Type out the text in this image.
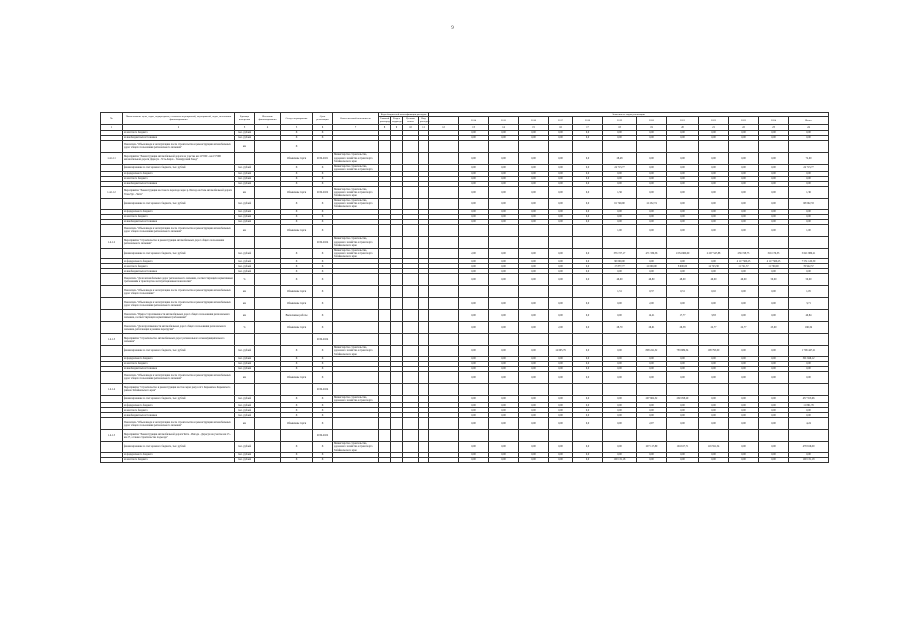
9
№	Наименование цели, задач, подпрограмм, основных мероприятий, мероприятий, задач, источников финансирования	Единица измерения	Источник финансирования	Статус мероприятия	Срок реализации	Ответственный исполнитель	Коды бюджетной классификации расходов				Значения по годам реализации												
							Главный распоряд.	Раздел подраздел	Целевая статья	Вид расходов		2014	2015	2016	2017	2018	2019	2020	2021	2022	2023	2024	Итого
1	2	3	4	5	6	7	8	9	10	11	12	13	14	15	16	17	18	19	20	21	22	23	24
	из местного бюджета	тыс. рублей		Х	Х							0,00	0,00	0,00	0,00	0,0	0,00	0,00	0,00	0,00	0,00	0,00	0,00
	из внебюджетных источников	тыс. рублей		Х	Х							0,00	0,00	0,00	0,00	0,0	0,00	0,00	0,00	0,00	0,00	0,00	0,00
	Показатель "Объем ввода в эксплуатацию после строительства и реконструкции автомобильных дорог общего пользования регионального значения"	км		Х																			
1.4.1.11	Мероприятие "Реконструкция автомобильной дороги на участке км 12+000 - км 15+000 автомобильной дороги Дарасун - Усть-Карск - Газимурский Завод"			Объявлены торги	2019-2021	Министерство строительства, дорожного хозяйства и транспорта Забайкальского края						0,00	0,00	0,00	0,00	0,0	28,48	0,00	0,00	0,00	0,00	0,00	72,00
	финансирование за счет краевого бюджета, тыс. рублей	тыс. рублей		Х	Х	Министерство строительства, дорожного хозяйства и транспорта						0,00	0,00	0,00	0,00	0,0	24 713,77	0,00	0,00	0,00	0,00	0,00	24 713,77
	из федерального бюджета	тыс. рублей		Х	Х							0,00	0,00	0,00	0,00	0,0	0,00	0,00	0,00	0,00	0,00	0,00	0,00
	из местного бюджета	тыс. рублей		Х	Х							0,00	0,00	0,00	0,00	0,0	0,00	0,00	0,00	0,00	0,00	0,00	0,00
	из внебюджетных источников	тыс. рублей		Х	Х							0,00	0,00	0,00	0,00	0,0	0,00	0,00	0,00	0,00	0,00	0,00	0,00
1.4.1.12	Мероприятие "Реконструкция мостового перехода через р. Ингода на 8 км автомобильной дороги Улан-Удэ - Чита"	км		Объявлены торги	2019-2022	Министерство строительства, дорожного хозяйства и транспорта Забайкальского края						0,00	0,00	0,00	0,00	0,0	1,36	0,00	0,00	0,00	0,00	0,00	1,36
	финансирование за счет краевого бюджета, тыс. рублей	тыс. рублей		Х	Х	Министерство строительства, дорожного хозяйства и транспорта Забайкальского края						0,00	0,00	0,00	0,00	0,0	61 749,90	12 252,74	0,00	0,00	0,00	0,00	68 002,33
	из федерального бюджета	тыс. рублей		Х	Х							0,00	0,00	0,00	0,00	0,0	0,00	0,00	0,00	0,00	0,00	0,00	0,00
	из местного бюджета	тыс. рублей		Х	Х							0,00	0,00	0,00	0,00	0,0	0,00	0,00	0,00	0,00	0,00	0,00	0,00
	из внебюджетных источников	тыс. рублей		Х	Х							0,00	0,00	0,00	0,00	0,0	0,00	0,00	0,00	0,00	0,00	0,00	0,00
	Показатель "Объем ввода в эксплуатацию после строительства и реконструкции автомобильных дорог общего пользования регионального значения"	км		Объявлены торги	Х												1,00	0,00	0,00	0,00	0,00	0,00	1,00
1.4.1.2	Мероприятие "Строительство и реконструкция автомобильных дорог общего пользования регионального значения"				2019-2024	Министерство строительства, дорожного хозяйства и транспорта Забайкальского края																	
	финансирование за счет краевого бюджета, тыс. рублей	тыс. рублей		Х	Х	Министерство строительства, дорожного хозяйства и транспорта Забайкальского края						2,00	0,00	0,00	0,00	0,0	335 727,17	471 336,56	1 034 960,00	2 207 547,88	256 728,75	316 176,33	5 621 886,21
	из федерального бюджета	тыс. рублей		Х	Х							0,00	0,00	0,00	0,00	0,0	90 000,00	0,00	0,00	0,00	4 117 560,25	4 117 560,25	7 551 120,50
	из местного бюджета	тыс. рублей		Х	Х							0,00	0,00	0,00	0,00	0,0	17 877,77	12 000,00	8 900,00	14 723,38	11 721,37	11 700,00	76 922,57
	из внебюджетных источников	тыс. рублей		Х	Х							0,00	0,00	0,00	0,00	0,0	0,00	0,00	0,00	0,00	0,00	0,00	0,00
	Показатель "Доля автомобильных дорог регионального значения, соответствующих нормативным требованиям к транспортно-эксплуатационным показателям"	%		Х	Х							0,00	0,00	0,00	0,00	0,0	46,00	46,80	48,00	49,00	49,00	50,00	50,00
	Показатель "Объем ввода в эксплуатацию после строительства и реконструкции автомобильных дорог общего пользования"	км		Объявлены торги	Х												1,31	0,37	0,31	0,02	0,00	0,00	1,05
	Показатель "Объем ввода в эксплуатацию после строительства и реконструкции автомобильных дорог общего пользования регионального значения"	км		Объявлены торги	Х							0,00	0,00	0,00	0,00	0,0	0,00	2,00	0,00	0,00	0,00	0,00	3,71
	Показатель "Прирост протяженности автомобильных дорог общего пользования регионального значения, соответствующих нормативным требованиям"	км		Выполнены работы	Х							0,00	0,00	0,00	0,00	0,0	0,00	14,21	17,77	3,83	0,00	0,00	40,84
	Показатель "Доля протяженности автомобильных дорог общего пользования регионального значения, работающих в режиме перегрузки"	%		Объявлены торги	Х							0,00	0,00	0,00	2,00	0,0	28,70	26,91	26,58	22,77	22,77	25,00	196,34
1.4.1.3	Мероприятие "Строительство автомобильных дорог регионального и межмуниципального значения"				2019-2024																		
	финансирование за счет краевого бюджета, тыс. рублей	тыс. рублей		Х	Х	Министерство строительства, дорожного хозяйства и транспорта Забайкальского края						0,00	0,00	0,00	14 605,79	0,0	0,00	898 241,32	783 689,54	108 795,00	0,00	0,00	1 706 447,21
	из федерального бюджета	тыс. рублей		Х	Х							0,00	0,00	0,00	0,00	0,0	0,00	0,00	0,00	0,00	0,00	0,00	301 946,12
	из местного бюджета	тыс. рублей		Х	Х							0,00	0,00	0,00	0,00	0,0	0,00	0,00	0,00	0,00	0,00	0,00	0,00
	из внебюджетных источников	тыс. рублей		Х	Х							0,00	0,00	0,00	0,00	0,0	0,00	0,00	0,00	0,00	0,00	0,00	0,00
	Показатель "Объем ввода в эксплуатацию после строительства и реконструкции автомобильных дорог общего пользования регионального значения"	км		Объявлены торги	Х							0,00	0,00	0,00	0,00	0,0	0,00	0,00	0,00	0,00	0,00	0,00	0,00
1.4.1.4	Мероприятие "Строительство и реконструкция мостов через реку в пгт. Карымское Карымского района Забайкальского края"				2019-2024																		
	финансирование за счет краевого бюджета, тыс. рублей	тыс. рублей		Х	Х	Министерство строительства, дорожного хозяйства и транспорта						0,00	0,00	0,00	0,00	0,0	0,00	297 662,32	260 058,29	0,00	0,00	0,00	457 555,66
	из федерального бюджета	тыс. рублей		Х	Х							0,00	0,00	0,00	0,00	0,0	0,00	0,00	0,00	0,00	0,00	0,00	11 891,76
	из местного бюджета	тыс. рублей		Х	Х							0,00	0,00	0,00	0,00	0,0	0,00	0,00	0,00	0,00	0,00	0,00	0,00
	из внебюджетных источников	тыс. рублей		Х	Х							0,00	0,00	0,00	0,00	0,0	0,00	0,00	0,00	0,00	0,00	0,00	0,00
	Показатель "Объем ввода в эксплуатацию после строительства и реконструкции автомобильных дорог общего пользования регионального значения"	км		Объявлены торги	Х							0,00	0,00	0,00	0,00	0,0	0,00	2,97	0,00	0,00	0,00	0,00	4,24
1.4.1.5	Мероприятие "Реконструкция автомобильной дороги Чита - Ингода - Дарасун на участке км 15 - км 27, а также строительство подъезда"				2019-2022																		
	финансирование за счет краевого бюджета, тыс. рублей	тыс. рублей		Х	Х	Министерство строительства, дорожного хозяйства и транспорта Забайкальского края						0,00	0,00	0,00	0,00	0,0	0,00	207 117,89	194 617,71	116 591,54	0,00	0,00	478 916,09
	из федерального бюджета	тыс. рублей		Х	Х							0,00	0,00	0,00	0,00	0,0	0,00	0,00	0,00	0,00	0,00	0,00	0,00
	из местного бюджета	тыс. рублей		Х	Х							0,00	0,00	0,00	0,00	0,0	100 131,18	0,00	0,00	0,00	0,00	0,00	100 131,18
